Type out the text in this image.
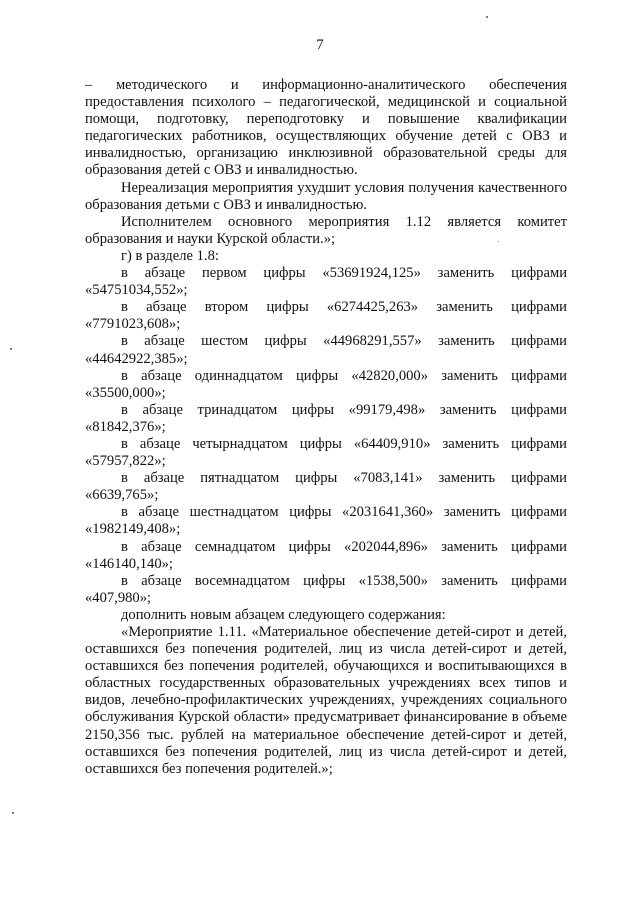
7

– методического и информационно-аналитического обеспечения предоставления психолого – педагогической, медицинской и социальной помощи, подготовку, переподготовку и повышение квалификации педагогических работников, осуществляющих обучение детей с ОВЗ и инвалидностью, организацию инклюзивной образовательной среды для образования детей с ОВЗ и инвалидностью.

Нереализация мероприятия ухудшит условия получения качественного образования детьми с ОВЗ и инвалидностью.

Исполнителем основного мероприятия 1.12 является комитет образования и науки Курской области.»;

г) в разделе 1.8:

в абзаце первом цифры «53691924,125» заменить цифрами «54751034,552»;

в абзаце втором цифры «6274425,263» заменить цифрами «7791023,608»;

в абзаце шестом цифры «44968291,557» заменить цифрами «44642922,385»;

в абзаце одиннадцатом цифры «42820,000» заменить цифрами «35500,000»;

в абзаце тринадцатом цифры «99179,498» заменить цифрами «81842,376»;

в абзаце четырнадцатом цифры «64409,910» заменить цифрами «57957,822»;

в абзаце пятнадцатом цифры «7083,141» заменить цифрами «6639,765»;

в абзаце шестнадцатом цифры «2031641,360» заменить цифрами «1982149,408»;

в абзаце семнадцатом цифры «202044,896» заменить цифрами «146140,140»;

в абзаце восемнадцатом цифры «1538,500» заменить цифрами «407,980»;

дополнить новым абзацем следующего содержания:

«Мероприятие 1.11. «Материальное обеспечение детей-сирот и детей, оставшихся без попечения родителей, лиц из числа детей-сирот и детей, оставшихся без попечения родителей, обучающихся и воспитывающихся в областных государственных образовательных учреждениях всех типов и видов, лечебно-профилактических учреждениях, учреждениях социального обслуживания Курской области» предусматривает финансирование в объеме 2150,356 тыс. рублей на материальное обеспечение детей-сирот и детей, оставшихся без попечения родителей, лиц из числа детей-сирот и детей, оставшихся без попечения родителей.»;
